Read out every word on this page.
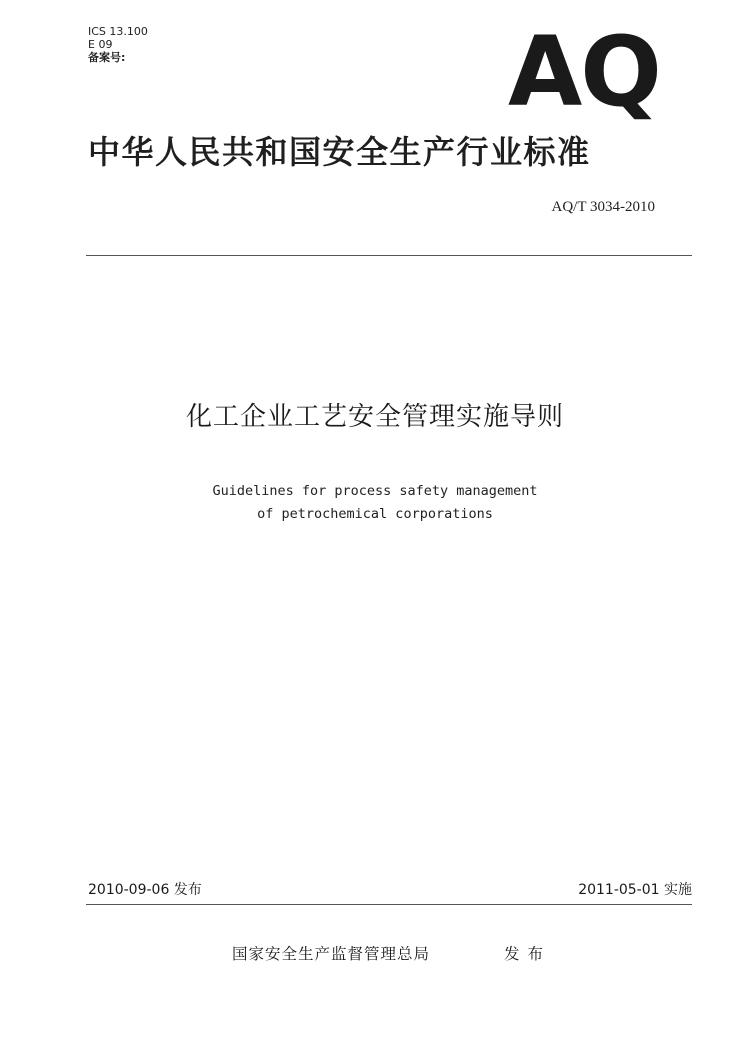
ICS 13.100
E 09
备案号:	AQ
中华人民共和国安全生产行业标准
AQ/T 3034-2010
化工企业工艺安全管理实施导则
Guidelines for process safety management
of petrochemical corporations
2010-09-06 发布	2011-05-01 实施
国家安全生产监督管理总局	发布
